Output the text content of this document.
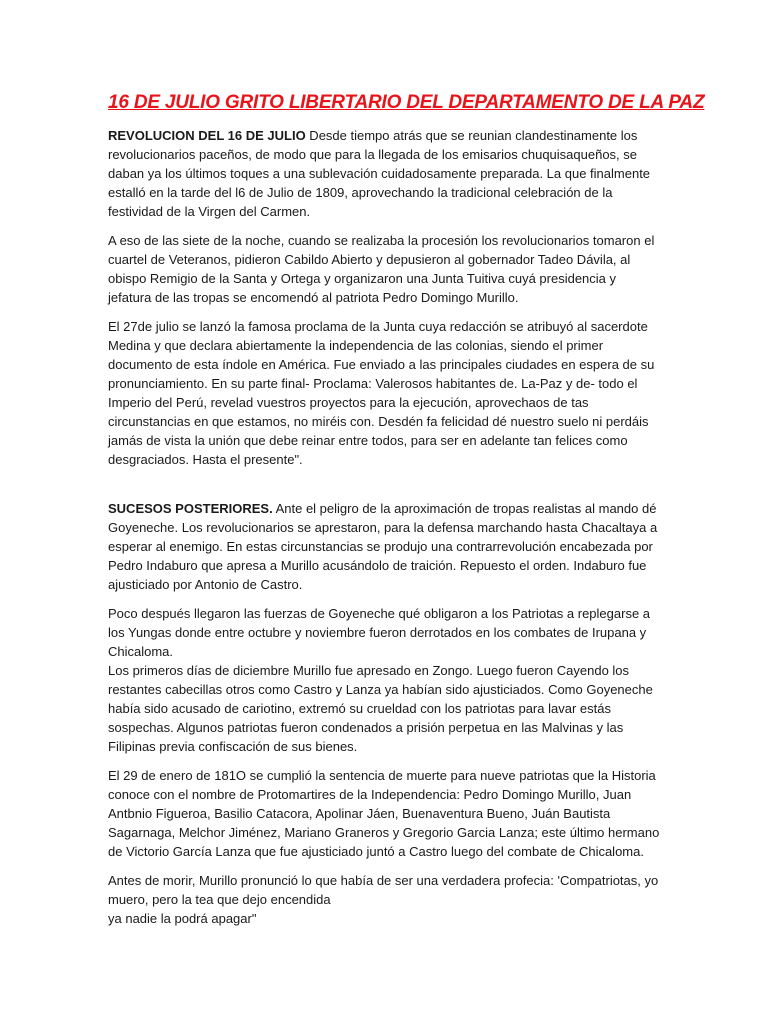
16 DE JULIO GRITO LIBERTARIO DEL DEPARTAMENTO DE LA PAZ

REVOLUCION DEL 16 DE JULIO Desde tiempo atrás que se reunian clandestinamente los revolucionarios paceños, de modo que para la llegada de los emisarios chuquisaqueños, se daban ya los últimos toques a una sublevación cuidadosamente preparada. La que finalmente estalló en la tarde del l6 de Julio de 1809, aprovechando la tradicional celebración de la festividad de la Virgen del Carmen.

A eso de las siete de la noche, cuando se realizaba la procesión los revolucionarios tomaron el cuartel de Veteranos, pidieron Cabildo Abierto y depusieron al gobernador Tadeo Dávila, al obispo Remigio de la Santa y Ortega y organizaron una Junta Tuitiva cuyá presidencia y jefatura de las tropas se encomendó al patriota Pedro Domingo Murillo.

El 27de julio se lanzó la famosa proclama de la Junta cuya redacción se atribuyó al sacerdote Medina y que declara abiertamente la independencia de las colonias, siendo el primer documento de esta índole en América. Fue enviado a las principales ciudades en espera de su pronunciamiento. En su parte final- Proclama: Valerosos habitantes de. La-Paz y de- todo el Imperio del Perú, revelad vuestros proyectos para la ejecución, aprovechaos de tas circunstancias en que estamos, no miréis con. Desdén fa felicidad dé nuestro suelo ni perdáis jamás de vista la unión que debe reinar entre todos, para ser en adelante tan felices como desgraciados. Hasta el presente".

SUCESOS POSTERIORES. Ante el peligro de la aproximación de tropas realistas al mando dé Goyeneche. Los revolucionarios se aprestaron, para la defensa marchando hasta Chacaltaya a esperar al enemigo. En estas circunstancias se produjo una contrarrevolución encabezada por Pedro Indaburo que apresa a Murillo acusándolo de traición. Repuesto el orden. Indaburo fue ajusticiado por Antonio de Castro.

Poco después llegaron las fuerzas de Goyeneche qué obligaron a los Patriotas a replegarse a los Yungas donde entre octubre y noviembre fueron derrotados en los combates de Irupana y Chicaloma.
Los primeros días de diciembre Murillo fue apresado en Zongo. Luego fueron Cayendo los restantes cabecillas otros como Castro y Lanza ya habían sido ajusticiados. Como Goyeneche había sido acusado de cariotino, extremó su crueldad con los patriotas para lavar estás sospechas. Algunos patriotas fueron condenados a prisión perpetua en las Malvinas y las Filipinas previa confiscación de sus bienes.

El 29 de enero de 181O se cumplió la sentencia de muerte para nueve patriotas que la Historia conoce con el nombre de Protomartires de la Independencia: Pedro Domingo Murillo, Juan Antbnio Figueroa, Basilio Catacora, Apolinar Jáen, Buenaventura Bueno, Juán Bautista Sagarnaga, Melchor Jiménez, Mariano Graneros y Gregorio Garcia Lanza; este último hermano de Victorio García Lanza que fue ajusticiado juntó a Castro luego del combate de Chicaloma.

Antes de morir, Murillo pronunció lo que había de ser una verdadera profecia: 'Compatriotas, yo muero, pero la tea que dejo encendida
ya nadie la podrá apagar"
